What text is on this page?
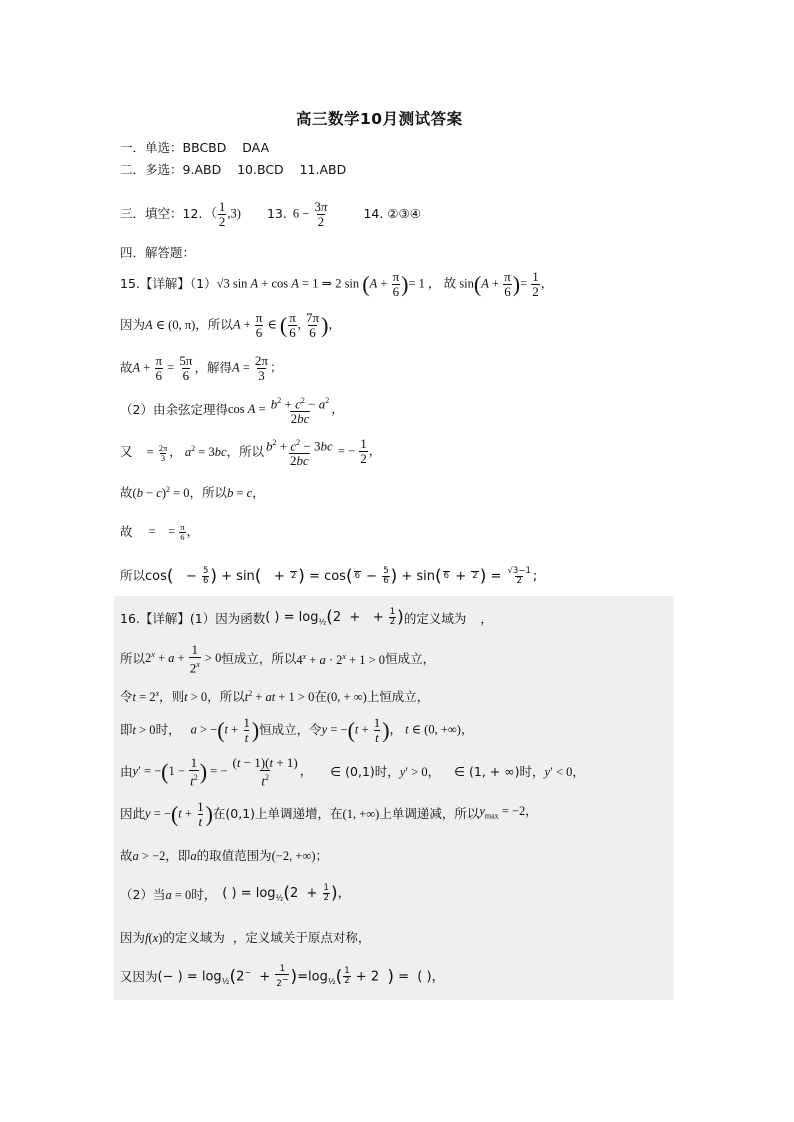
高三数学10月测试答案
一．单选：BBCBD    DAA
二．多选：9.ABD    10.BCD    11.ABD
三．填空： 12. （ $\frac{1}{2} ,3$) 13. $6 - \frac{3\pi}{2}$	14. ②③④
四．解答题：
15.【详解】（1） √3 sin A + cos A = 1 ⇒ 2 $\sin (A + \frac{\pi}{6}$ )= 1 ， 故 $\sin(A + \frac{\pi}{6}$ )= $\frac{1}{2}$ ，
因为 A ∈ (0, π) ，所以 $A + \frac{\pi}{6}$ ∈ ( $\frac{\pi}{6}$ , $\frac{7\pi}{6}$ )，
故 $A + \frac{\pi}{6} = \frac{5\pi}{6}$ ，解得 $A = \frac{2\pi}{3}$ ；
（2）由余弦定理得 $\cos A = \frac{b^2 + c^2 - a^2}{2bc}$ ，
又 = $\frac{2\pi}{3}$ ， $a^2 = 3bc$ ，所以 $\frac{b^2 + c^2 - 3bc}{2bc}$ = − $\frac{1}{2}$ ，
故$(b - c)^2 = 0$，所以b = c，
故 =    = $\frac{\pi}{6}$ ，
所以 $\cos( - \frac{5}{6}$ ) + sin(   + 2 ) = cos( $6 - \frac{5}{6}$ ) + sin( 6 + 2 ) = $\frac{√3-1}{2}$ ;
16.【详解】(1）因为函数 ( ) = $\log_{\frac{1}{2}}(2$  +   + $\frac{1}{2}$ ) 的定义域为 ，
所以 $2^x + a + \frac{1}{2^x} > 0$ 恒成立，所以 $4^x + a \cdot 2^x + 1 > 0$ 恒成立，
令$t = 2^x$，则t > 0，所以$t^2$ + at + 1 > 0在(0, + ∞)上恒成立，
即 t > 0 时， $a > -(t + \frac{1}{t}$ ) 恒成立，令 $y = -(t + \frac{1}{t}$ )， t ∈ (0, +∞)，
由 $y' = -(1 - \frac{1}{t^2}$ ) = − $\frac{(t - 1)(t + 1)}{t^2}$ ， ∈ (0,1) 时， y′ > 0， ∈ (1, + ∞) 时， y′ < 0，
因此 $y = -(t + \frac{1}{t}$ ) 在(0,1)上单调递增，在 (1, +∞) 上单调递减，所以 $y_{max} = -2$，
故a > −2，即a的取值范围为(−2, +∞)；
（2）当 a = 0 时， ( ) = $\log_{\frac{1}{2}}(2 + \frac{1}{2}$ )，
因为f(x)的定义域为 ，定义域关于原点对称，
又因为 (− ) = $\log_{\frac{1}{2}}(2^- + \frac{1}{2^-} )=\log_{\frac{1}{2}}( \frac{1}{2} + 2$  ) =  ( )，
